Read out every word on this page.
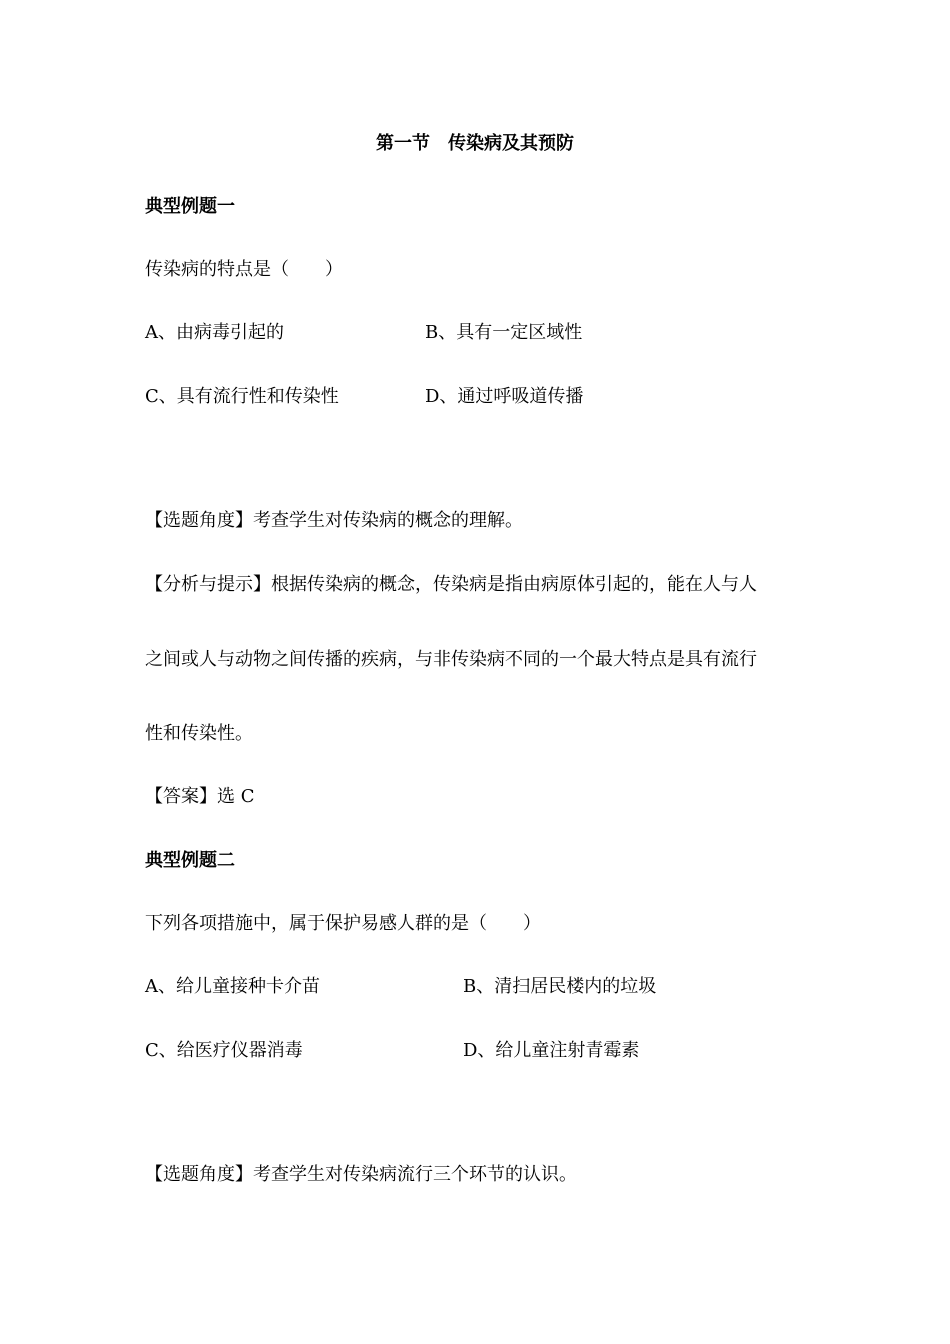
第一节　传染病及其预防
典型例题一
传染病的特点是（　　）
A、由病毒引起的	B、具有一定区域性
C、具有流行性和传染性	D、通过呼吸道传播
【选题角度】考查学生对传染病的概念的理解。
【分析与提示】根据传染病的概念，传染病是指由病原体引起的，能在人与人
之间或人与动物之间传播的疾病，与非传染病不同的一个最大特点是具有流行
性和传染性。
【答案】选 C
典型例题二
下列各项措施中，属于保护易感人群的是（　　）
A、给儿童接种卡介苗	B、清扫居民楼内的垃圾
C、给医疗仪器消毒	D、给儿童注射青霉素
【选题角度】考查学生对传染病流行三个环节的认识。
